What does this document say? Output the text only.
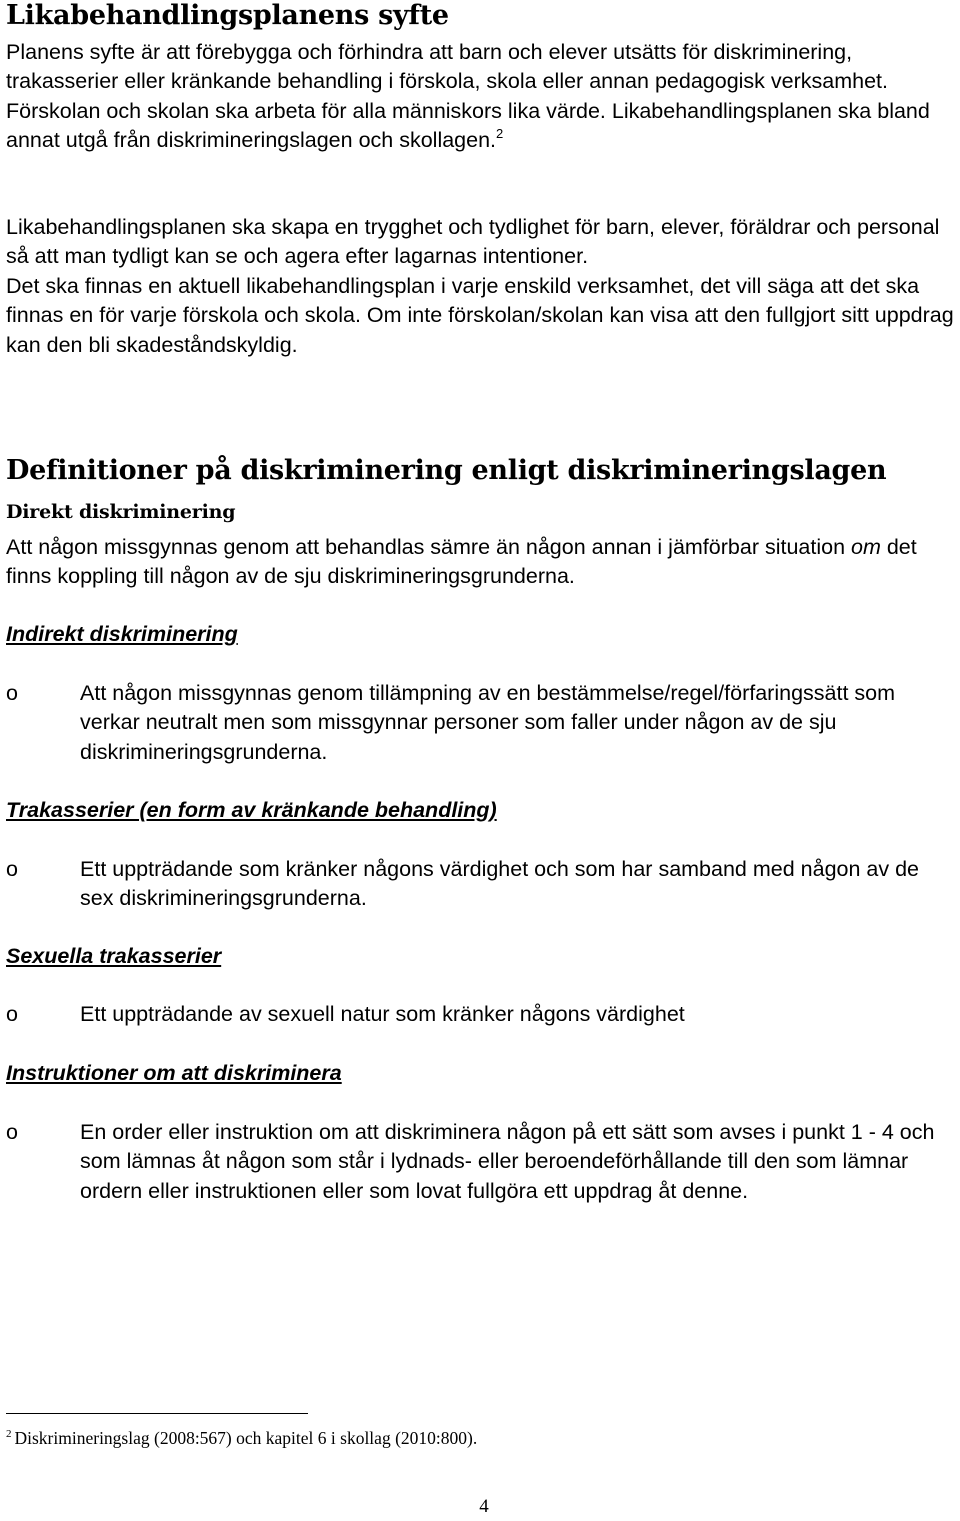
Likabehandlingsplanens syfte

Planens syfte är att förebygga och förhindra att barn och elever utsätts för diskriminering, trakasserier eller kränkande behandling i förskola, skola eller annan pedagogisk verksamhet. Förskolan och skolan ska arbeta för alla människors lika värde. Likabehandlingsplanen ska bland annat utgå från diskrimineringslagen och skollagen.$^2$

Likabehandlingsplanen ska skapa en trygghet och tydlighet för barn, elever, föräldrar och personal så att man tydligt kan se och agera efter lagarnas intentioner.

Det ska finnas en aktuell likabehandlingsplan i varje enskild verksamhet, det vill säga att det ska finnas en för varje förskola och skola. Om inte förskolan/skolan kan visa att den fullgjort sitt uppdrag kan den bli skadeståndskyldig.

Definitioner på diskriminering enligt diskrimineringslagen
Direkt diskriminering

Att någon missgynnas genom att behandlas sämre än någon annan i jämförbar situation om det finns koppling till någon av de sju diskrimineringsgrunderna.

Indirekt diskriminering
o	Att någon missgynnas genom tillämpning av en bestämmelse/regel/förfaringssätt som verkar neutralt men som missgynnar personer som faller under någon av de sju diskrimineringsgrunderna.
Trakasserier (en form av kränkande behandling)
o	Ett uppträdande som kränker någons värdighet och som har samband med någon av de sex diskrimineringsgrunderna.
Sexuella trakasserier
o	Ett uppträdande av sexuell natur som kränker någons värdighet
Instruktioner om att diskriminera
o	En order eller instruktion om att diskriminera någon på ett sätt som avses i punkt 1 - 4 och som lämnas åt någon som står i lydnads- eller beroendeförhållande till den som lämnar ordern eller instruktionen eller som lovat fullgöra ett uppdrag åt denne.

$^2$ Diskrimineringslag (2008:567) och kapitel 6 i skollag (2010:800).

4
